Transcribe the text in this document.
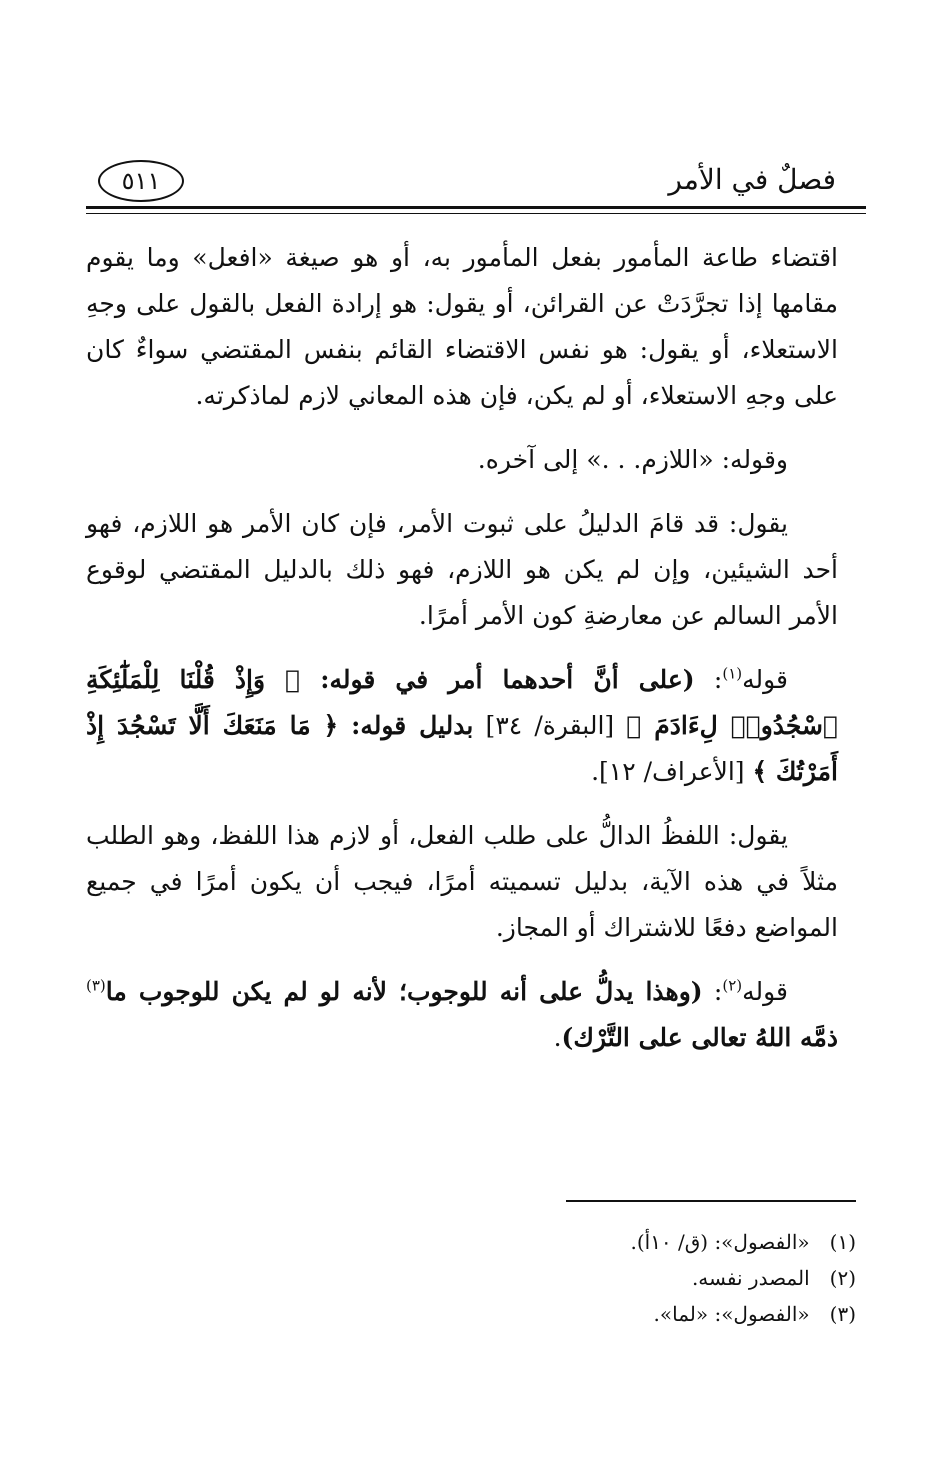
فصلٌ في الأمر
٥١١

اقتضاء طاعة المأمور بفعل المأمور به، أو هو صيغة «افعل» وما يقوم مقامها إذا تجرَّدَتْ عن القرائن، أو يقول: هو إرادة الفعل بالقول على وجهِ الاستعلاء، أو يقول: هو نفس الاقتضاء القائم بنفس المقتضي سواءٌ كان على وجهِ الاستعلاء، أو لم يكن، فإن هذه المعاني لازم لماذكرته.

وقوله: «اللازم. . .» إلى آخره.

يقول: قد قامَ الدليلُ على ثبوت الأمر، فإن كان الأمر هو اللازم، فهو أحد الشيئين، وإن لم يكن هو اللازم، فهو ذلك بالدليل المقتضي لوقوع الأمر السالم عن معارضةِ كون الأمر أمرًا.

قوله$^{(١)}$: (على أنَّ أحدهما أمر في قوله: ﴿ وَإِذْ قُلْنَا لِلْمَلَٰٓئِكَةِ ٱسْجُدُوا۟ لِءَادَمَ ﴾ [البقرة/ ٣٤] بدليل قوله: ﴿ مَا مَنَعَكَ أَلَّا تَسْجُدَ إِذْ أَمَرْتُكَ ﴾ [الأعراف/ ١٢].

يقول: اللفظُ الدالُّ على طلب الفعل، أو لازم هذا اللفظ، وهو الطلب مثلاً في هذه الآية، بدليل تسميته أمرًا، فيجب أن يكون أمرًا في جميع المواضع دفعًا للاشتراك أو المجاز.

قوله$^{(٢)}$: (وهذا يدلُّ على أنه للوجوب؛ لأنه لو لم يكن للوجوب ما$^{(٣)}$ ذمَّه اللهُ تعالى على التَّرْك).

(١) «الفصول»: (ق/ ١٠أ).
(٢) المصدر نفسه.
(٣) «الفصول»: «لما».
